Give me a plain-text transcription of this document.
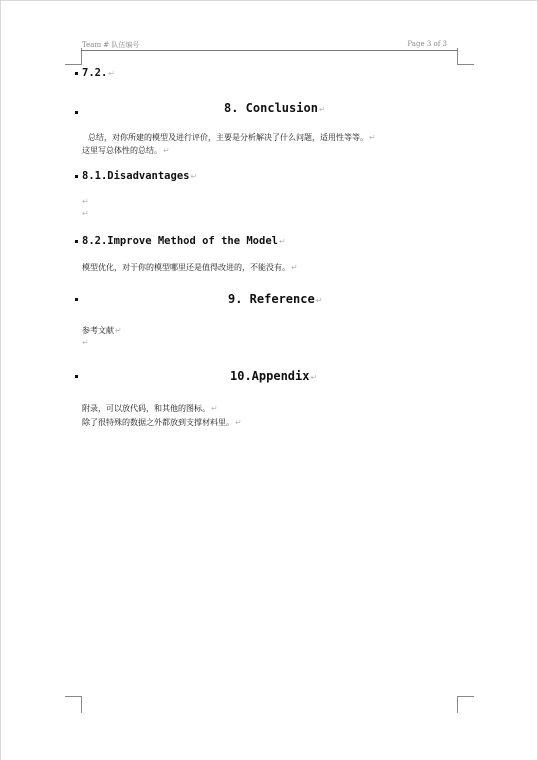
Team # 队伍编号	Page 3 of 3
7.2.↵
8. Conclusion↵
总结，对你所建的模型及进行评价，主要是分析解决了什么问题，适用性等等。↵
这里写总体性的总结。↵
8.1.Disadvantages↵
↵
↵
8.2.Improve Method of the Model↵
模型优化，对于你的模型哪里还是值得改进的，不能没有。↵
9. Reference↵
参考文献↵
↵
10.Appendix↵
附录，可以放代码，和其他的图标。↵
除了很特殊的数据之外都放到支撑材料里。↵
